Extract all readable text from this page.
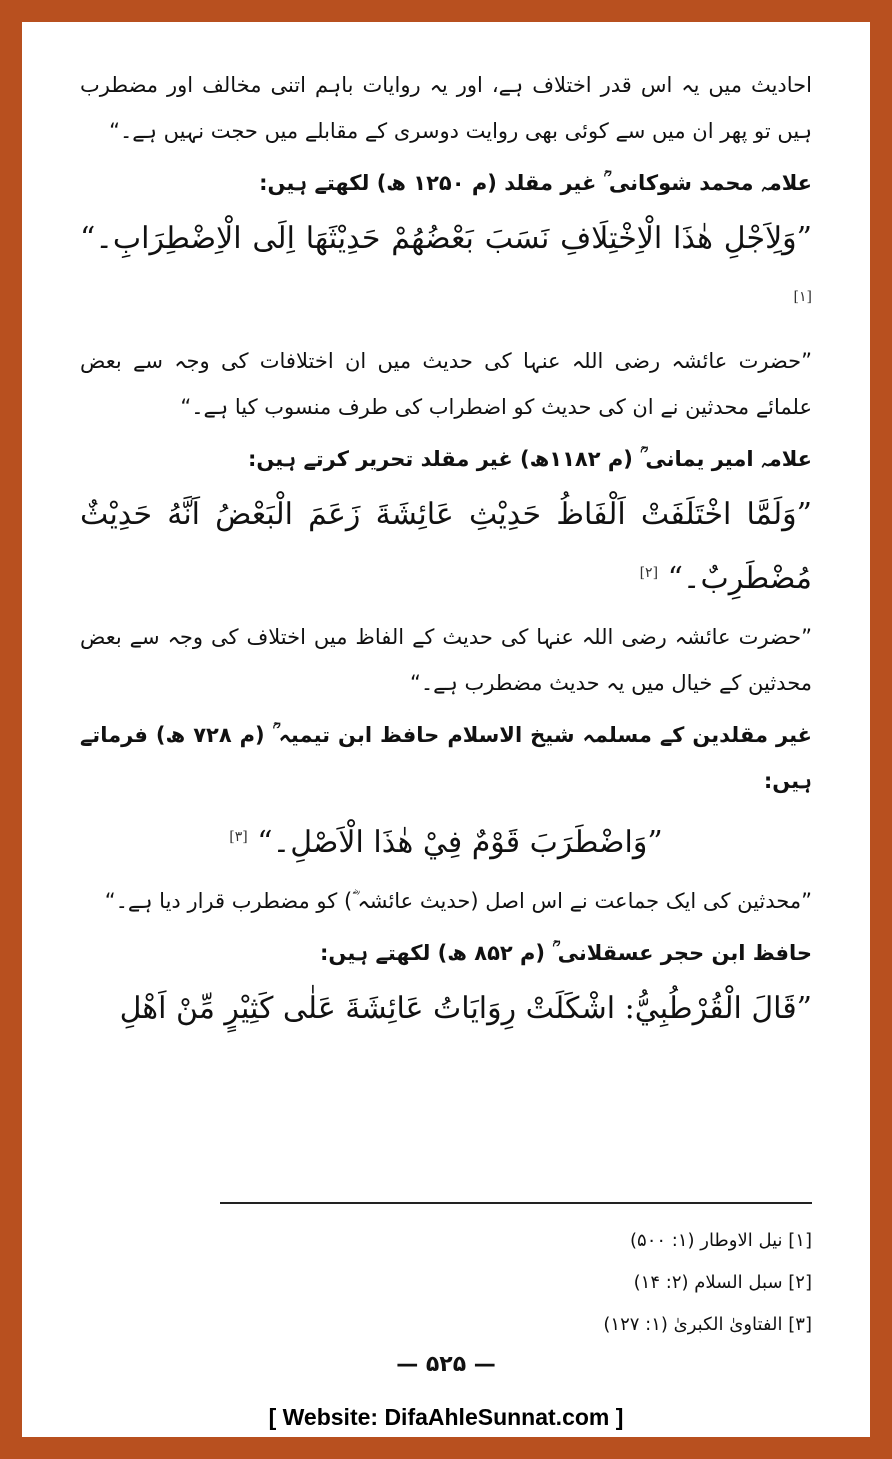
احادیث میں یہ اس قدر اختلاف ہے، اور یہ روایات باہم اتنی مخالف اور مضطرب ہیں تو پھر ان میں سے کوئی بھی روایت دوسری کے مقابلے میں حجت نہیں ہے۔“

علامہ محمد شوکانی ؒ غیر مقلد (م ۱۲۵۰ ھ) لکھتے ہیں:

”وَلِاَجْلِ هٰذَا الْاِخْتِلَافِ نَسَبَ بَعْضُهُمْ حَدِيْثَهَا اِلَى الْاِضْطِرَابِ۔“ [۱]

”حضرت عائشہ رضی اللہ عنہا کی حدیث میں ان اختلافات کی وجہ سے بعض علمائے محدثین نے ان کی حدیث کو اضطراب کی طرف منسوب کیا ہے۔“

علامہ امیر یمانی ؒ (م ۱۱۸۲ھ) غیر مقلد تحریر کرتے ہیں:

”وَلَمَّا اخْتَلَفَتْ اَلْفَاظُ حَدِيْثِ عَائِشَةَ زَعَمَ الْبَعْضُ اَنَّهُ حَدِيْثٌ مُضْطَرِبٌ۔“ [۲]

”حضرت عائشہ رضی اللہ عنہا کی حدیث کے الفاظ میں اختلاف کی وجہ سے بعض محدثین کے خیال میں یہ حدیث مضطرب ہے۔“

غیر مقلدین کے مسلمہ شیخ الاسلام حافظ ابن تیمیہ ؒ (م ۷۲۸ ھ) فرماتے ہیں:

”وَاضْطَرَبَ قَوْمٌ فِيْ هٰذَا الْاَصْلِ۔“ [۳]

”محدثین کی ایک جماعت نے اس اصل (حدیث عائشہ ؓ) کو مضطرب قرار دیا ہے۔“

حافظ ابن حجر عسقلانی ؒ (م ۸۵۲ ھ) لکھتے ہیں:

”قَالَ الْقُرْطُبِيُّ: اشْكَلَتْ رِوَايَاتُ عَائِشَةَ عَلٰى كَثِيْرٍ مِّنْ اَهْلِ

[۱] نیل الاوطار (۱: ۵۰۰)
[۲] سبل السلام (۲: ۱۴)
[۳] الفتاویٰ الکبریٰ (۱: ۱۲۷)
— ۵۲۵ —
[ Website: DifaAhleSunnat.com ]
